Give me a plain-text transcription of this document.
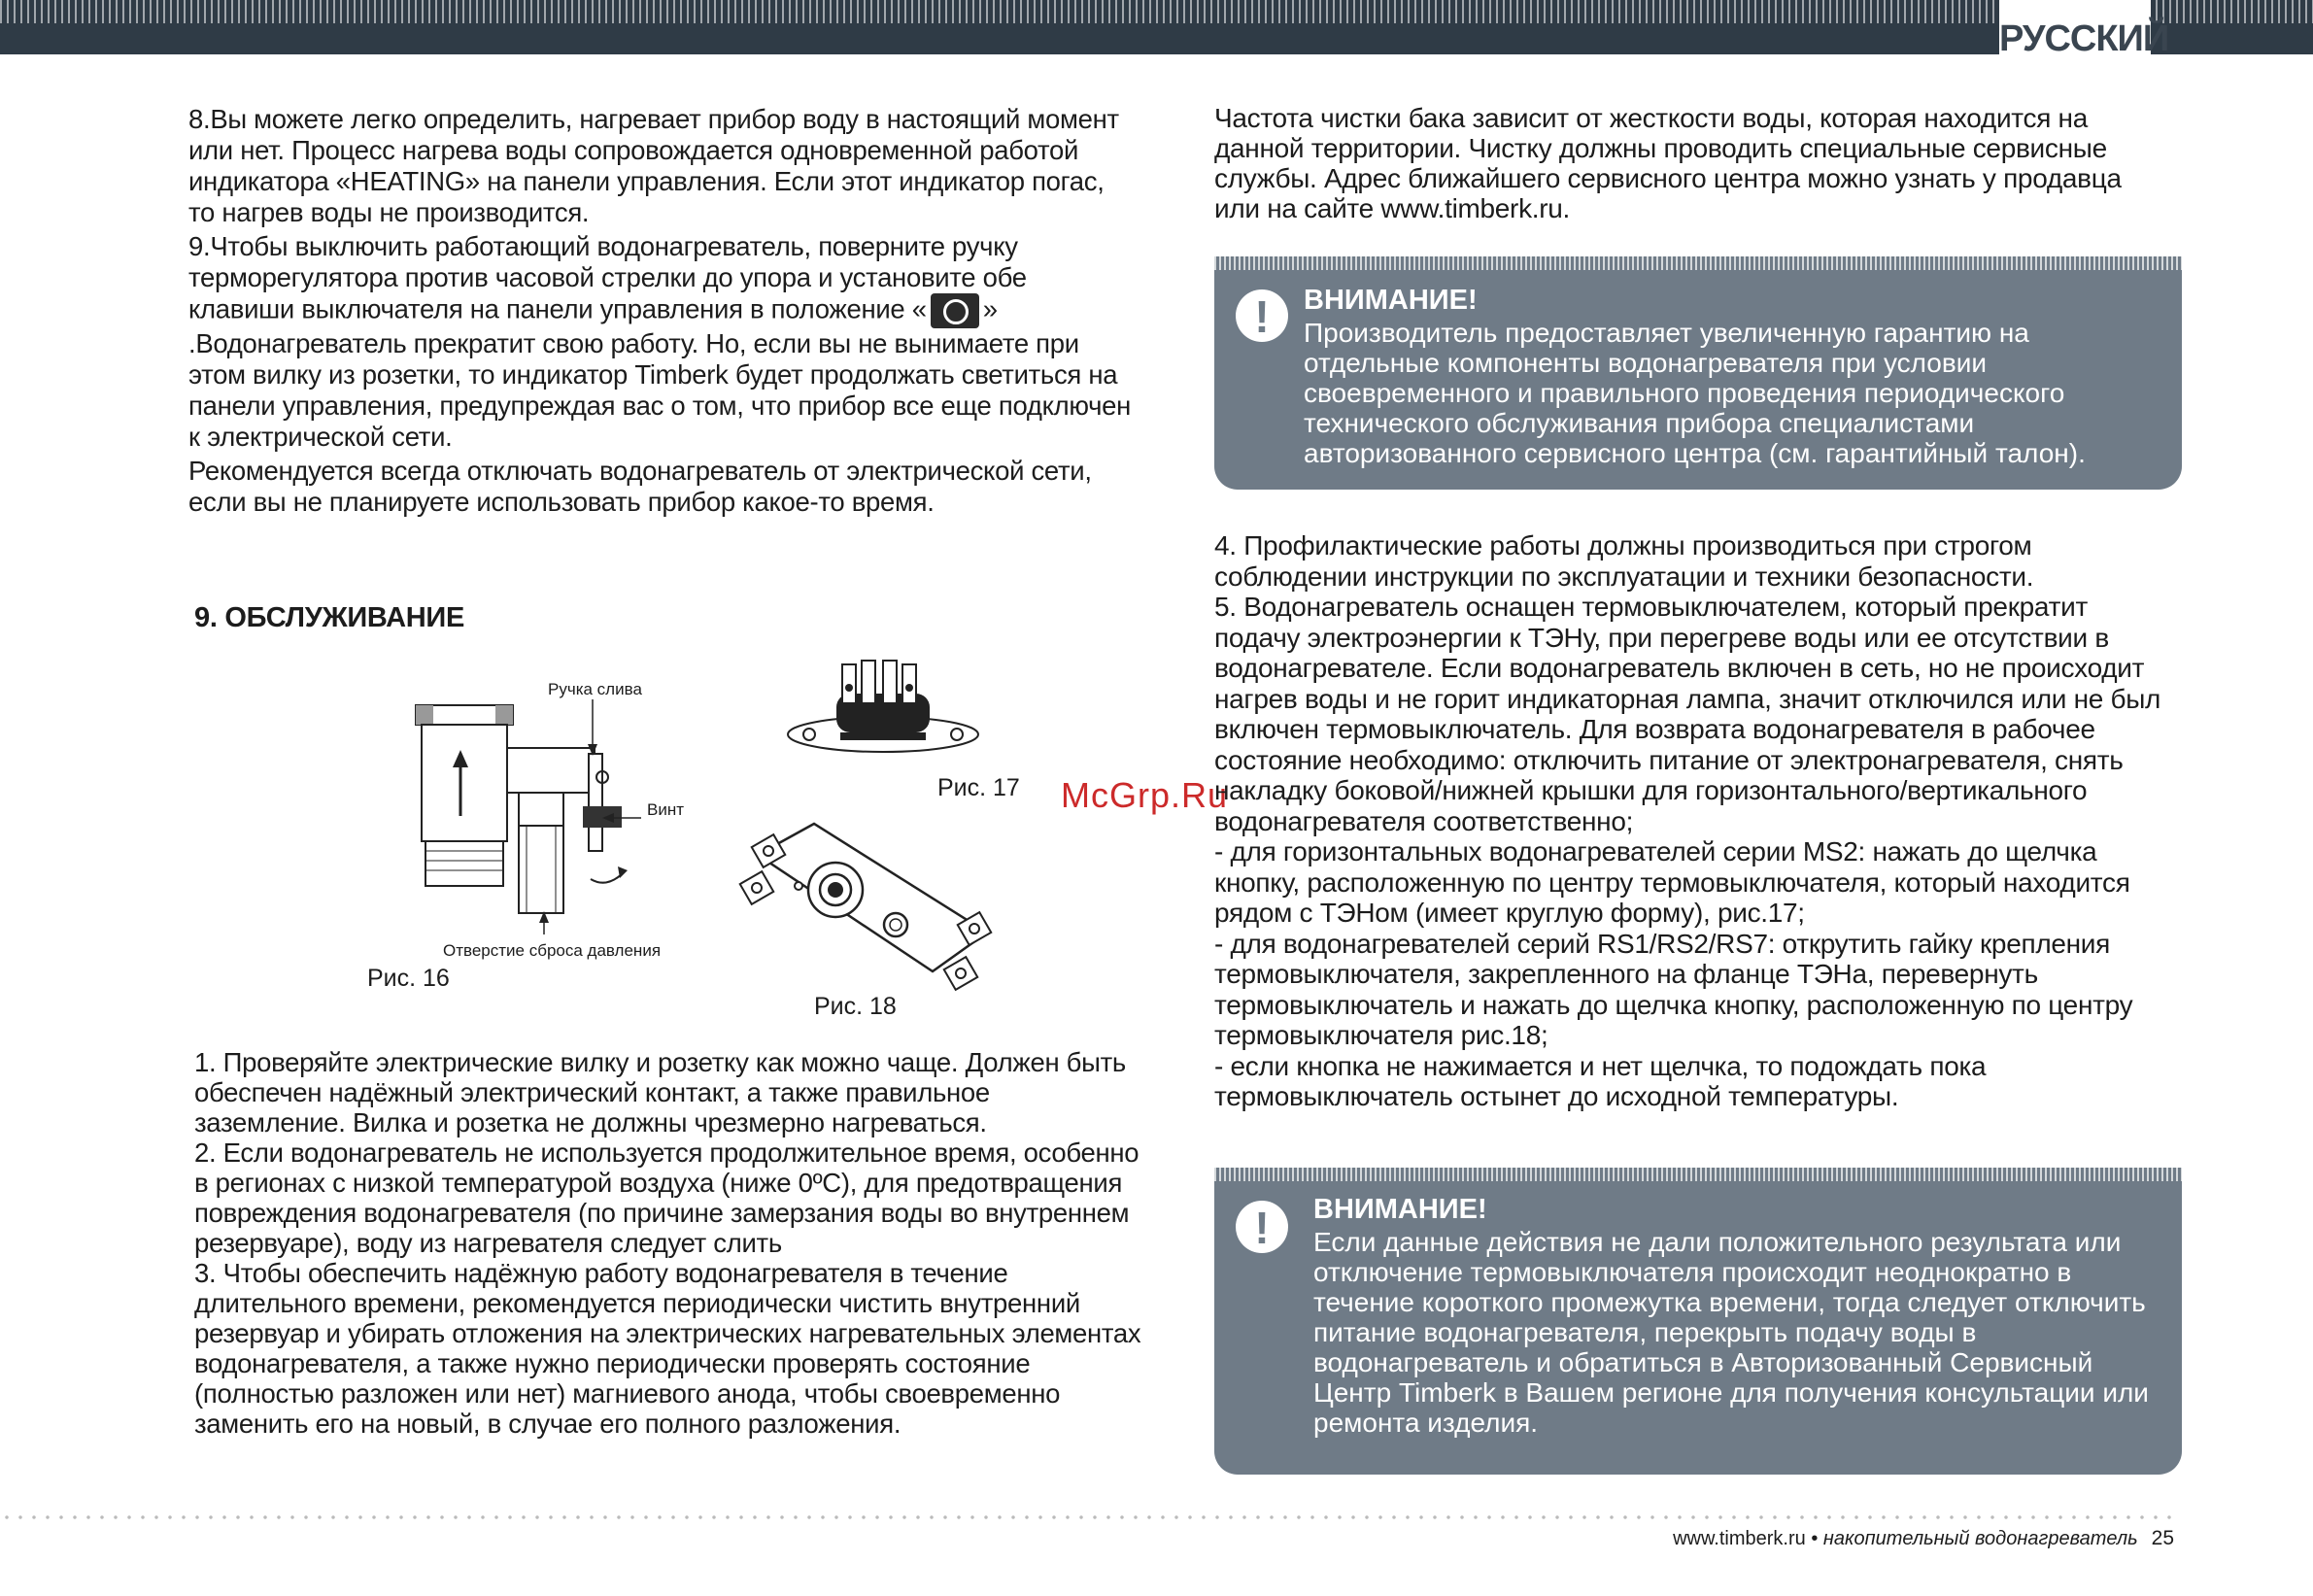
РУССКИЙ

8.Вы можете легко определить, нагревает прибор воду в настоящий момент или нет. Процесс нагрева воды сопровождается одновременной работой индикатора «HEATING» на панели управления. Если этот индикатор погас, то нагрев воды не производится.

9.Чтобы выключить работающий водонагреватель, поверните ручку терморегулятора против часовой стрелки до упора и установите обе клавиши выключателя на панели управления в положение « » .Водонагреватель прекратит свою работу. Но, если вы не вынимаете при этом вилку из розетки, то индикатор Timberk будет продолжать светиться на панели управления, предупреждая вас о том, что прибор все еще подключен к электрической сети.

Рекомендуется всегда отключать водонагреватель от электрической сети, если вы не планируете использовать прибор какое-то время.

9. ОБСЛУЖИВАНИЕ
Ручка слива
Винт
Отверстие сброса давления
Рис. 16
Рис. 17
Рис. 18
McGrp.Ru

1. Проверяйте электрические вилку и розетку как можно чаще. Должен быть обеспечен надёжный электрический контакт, а также правильное заземление. Вилка и розетка не должны чрезмерно нагреваться.

2. Если водонагреватель не используется продолжительное время, особенно в регионах с низкой температурой воздуха (ниже 0ºС), для предотвращения повреждения водонагревателя (по причине замерзания воды во внутреннем резервуаре), воду из нагревателя следует слить

3. Чтобы обеспечить надёжную работу водонагревателя в течение длительного времени, рекомендуется периодически чистить внутренний резервуар и убирать отложения на электрических нагревательных элементах водонагревателя, а также нужно периодически проверять состояние (полностью разложен или нет) магниевого анода, чтобы своевременно заменить его на новый, в случае его полного разложения.

Частота чистки бака зависит от жесткости воды, которая находится на данной территории. Чистку должны проводить специальные сервисные службы. Адрес ближайшего сервисного центра можно узнать у продавца или на сайте www.timberk.ru.
!	ВНИМАНИЕ!
Производитель предоставляет увеличенную гарантию на отдельные компоненты водонагревателя при условии своевременного и правильного проведения периодического технического обслуживания прибора специалистами авторизованного сервисного центра (см. гарантийный талон).

4. Профилактические работы должны производиться при строгом соблюдении инструкции по эксплуатации и техники безопасности.

5. Водонагреватель оснащен термовыключателем, который прекратит подачу электроэнергии к ТЭНу, при перегреве воды или ее отсутствии в водонагревателе. Если водонагреватель включен в сеть, но не происходит нагрев воды и не горит индикаторная лампа, значит отключился или не был включен термовыключатель. Для возврата водонагревателя в рабочее состояние необходимо: отключить питание от электронагревателя, снять накладку боковой/нижней крышки для горизонтального/вертикального водонагревателя соответственно;

- для горизонтальных водонагревателей серии MS2: нажать до щелчка кнопку, расположенную по центру термовыключателя, который находится рядом с ТЭНом (имеет круглую форму), рис.17;

- для водонагревателей серий RS1/RS2/RS7: открутить гайку крепления термовыключателя, закрепленного на фланце ТЭНа, перевернуть термовыключатель и нажать до щелчка кнопку, расположенную по центру термовыключателя рис.18;

- если кнопка не нажимается и нет щелчка, то подождать пока термовыключатель остынет до исходной температуры.

!	ВНИМАНИЕ!
Если данные действия не дали положительного результата или отключение термовыключателя происходит неоднократно в течение короткого промежутка времени, тогда следует отключить питание водонагревателя, перекрыть подачу воды в водонагреватель и обратиться в Авторизованный Сервисный Центр Timberk в Вашем регионе для получения консультации или ремонта изделия.
www.timberk.ru • накопительный водонагреватель 25
